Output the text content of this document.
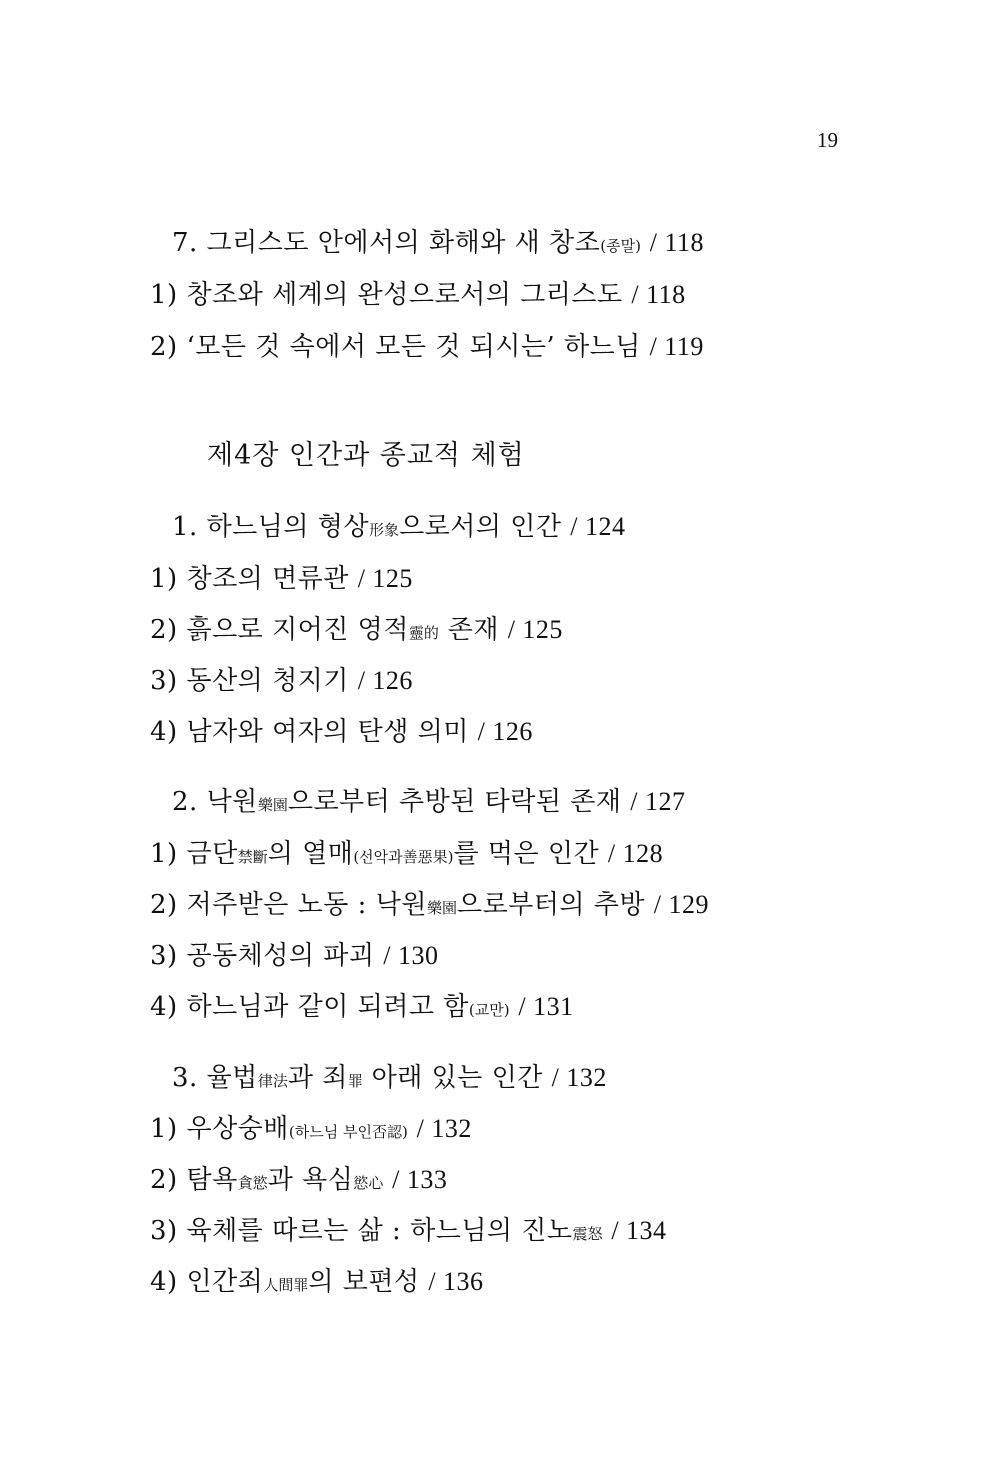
19
7. 그리스도 안에서의 화해와 새 창조(종말) / 118
1) 창조와 세계의 완성으로서의 그리스도 / 118
2) ‘모든 것 속에서 모든 것 되시는’ 하느님 / 119
제4장 인간과 종교적 체험
1. 하느님의 형상形象으로서의 인간 / 124
1) 창조의 면류관 / 125
2) 흙으로 지어진 영적靈的 존재 / 125
3) 동산의 청지기 / 126
4) 남자와 여자의 탄생 의미 / 126
2. 낙원樂園으로부터 추방된 타락된 존재 / 127
1) 금단禁斷의 열매(선악과善惡果)를 먹은 인간 / 128
2) 저주받은 노동 : 낙원樂園으로부터의 추방 / 129
3) 공동체성의 파괴 / 130
4) 하느님과 같이 되려고 함(교만) / 131
3. 율법律法과 죄罪 아래 있는 인간 / 132
1) 우상숭배(하느님 부인否認) / 132
2) 탐욕貪慾과 욕심慾心 / 133
3) 육체를 따르는 삶 : 하느님의 진노震怒 / 134
4) 인간죄人間罪의 보편성 / 136
